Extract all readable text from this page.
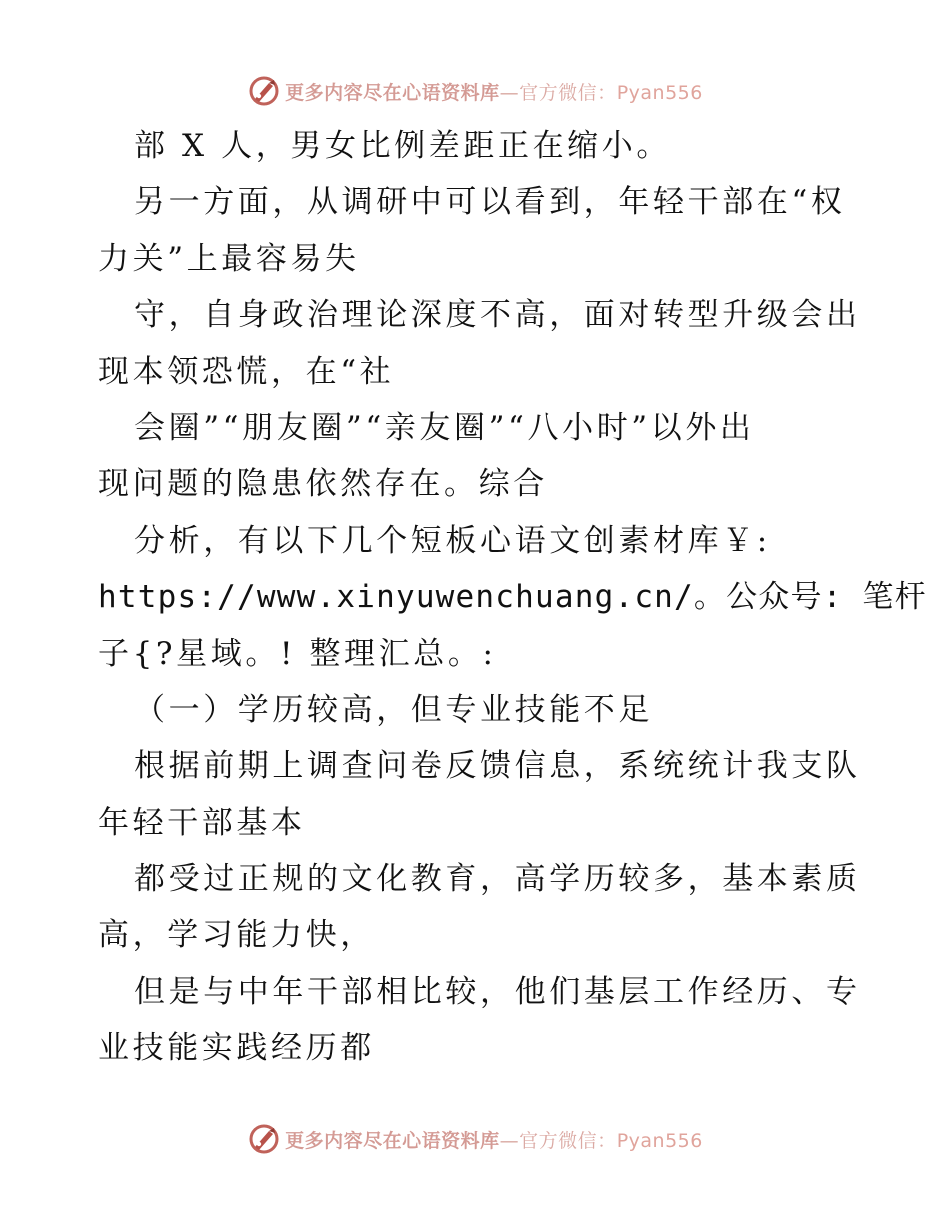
更多内容尽在心语资料库—官方微信：Pyan556
部 X 人，男女比例差距正在缩小。
另一方面，从调研中可以看到，年轻干部在“权
力关”上最容易失
守，自身政治理论深度不高，面对转型升级会出
现本领恐慌，在“社
会圈”“朋友圈”“亲友圈”“八小时”以外出
现问题的隐患依然存在。综合
分析，有以下几个短板心语文创素材库￥:
https://www.xinyuwenchuang.cn/。公众号: 笔杆
子{?星域。! 整理汇总。:
（一）学历较高，但专业技能不足
根据前期上调查问卷反馈信息，系统统计我支队
年轻干部基本
都受过正规的文化教育，高学历较多，基本素质
高，学习能力快，
但是与中年干部相比较，他们基层工作经历、专
业技能实践经历都
更多内容尽在心语资料库—官方微信：Pyan556
